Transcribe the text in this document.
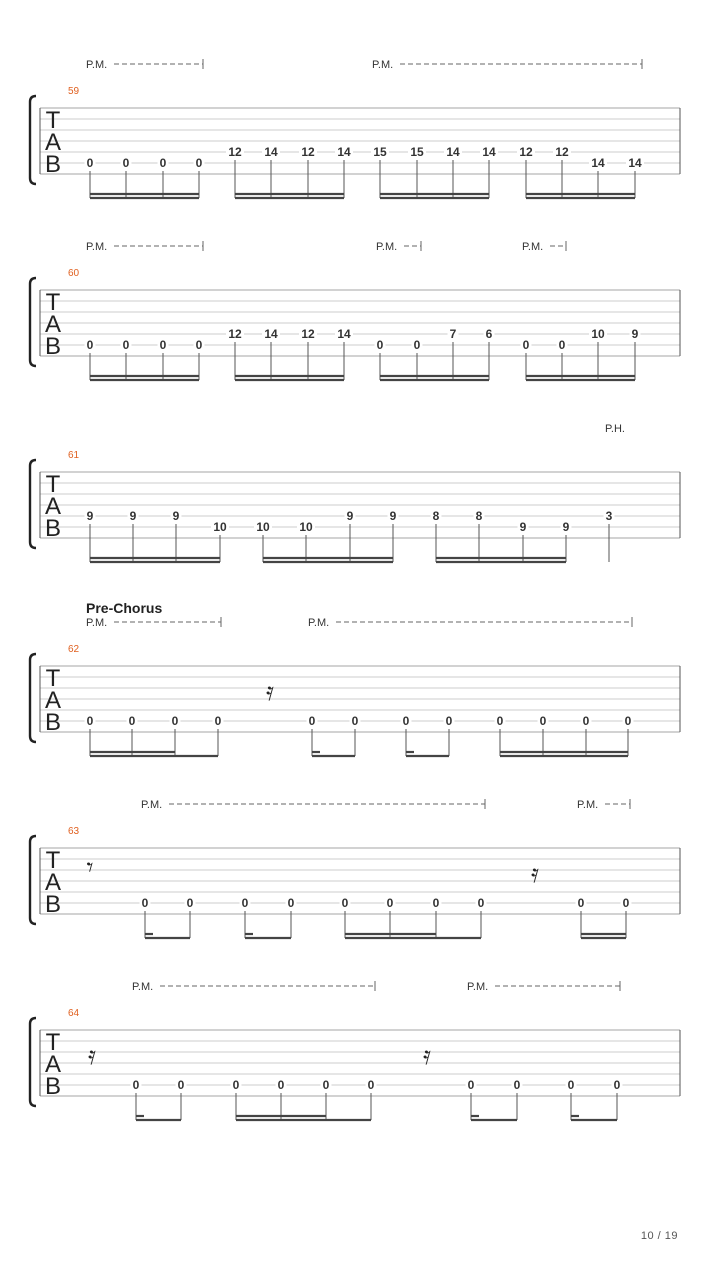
T
A
B
59
P.M.	P.M.
0 0	0 0
12 14 12 14 15 15 14 14 12 12
14 14
T
A
B
60
P.M.	P.M.	P.M.
0 0	0 0
12 14 12 14
0	0
7 6
0 0
10 9
T
A
B
61
P.H.
9	9	9
10 10 10
9	9	8	8
9	9
3
T
A
B
62
P.M.	P.M.
𝄿
0	0	0	0	0	0	0	0	0	0	0	0
T
A
B
63
P.M.	P.M.
𝄾	𝄿
0	0	0	0	0	0	0	0	0	0
T
A
B
64
P.M.	P.M.
𝄿	𝄿
0	0	0	0	0	0	0	0	0	0
Pre-Chorus
10 / 19
